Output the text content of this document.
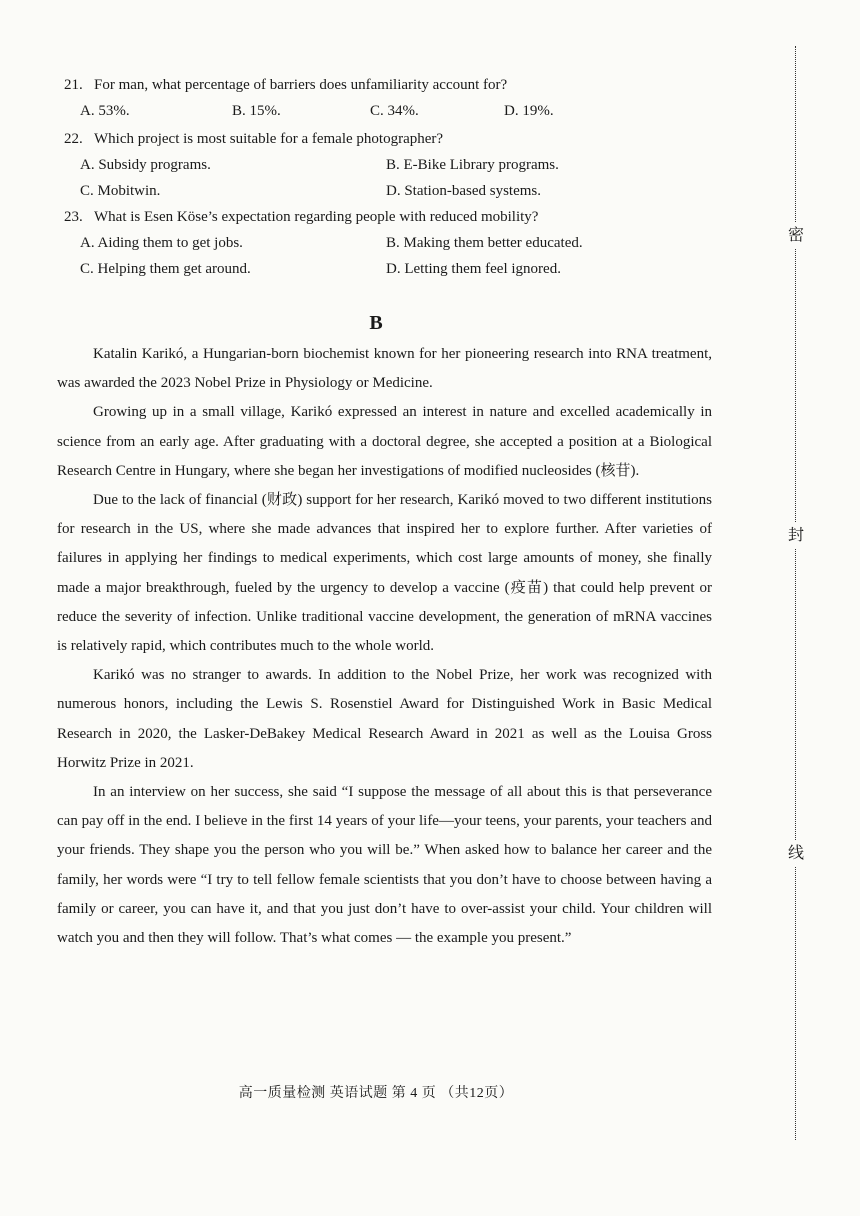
21. For man, what percentage of barriers does unfamiliarity account for?
A. 53%.	B. 15%.	C. 34%.	D. 19%.
22. Which project is most suitable for a female photographer?
A. Subsidy programs.	B. E-Bike Library programs.
C. Mobitwin.	D. Station-based systems.
23. What is Esen Köse’s expectation regarding people with reduced mobility?
A. Aiding them to get jobs.	B. Making them better educated.
C. Helping them get around.	D. Letting them feel ignored.
B

Katalin Karikó, a Hungarian-born biochemist known for her pioneering research into RNA treatment, was awarded the 2023 Nobel Prize in Physiology or Medicine.

Growing up in a small village, Karikó expressed an interest in nature and excelled academically in science from an early age. After graduating with a doctoral degree, she accepted a position at a Biological Research Centre in Hungary, where she began her investigations of modified nucleosides (核苷).

Due to the lack of financial (财政) support for her research, Karikó moved to two different institutions for research in the US, where she made advances that inspired her to explore further. After varieties of failures in applying her findings to medical experiments, which cost large amounts of money, she finally made a major breakthrough, fueled by the urgency to develop a vaccine (疫苗) that could help prevent or reduce the severity of infection. Unlike traditional vaccine development, the generation of mRNA vaccines is relatively rapid, which contributes much to the whole world.

Karikó was no stranger to awards. In addition to the Nobel Prize, her work was recognized with numerous honors, including the Lewis S. Rosenstiel Award for Distinguished Work in Basic Medical Research in 2020, the Lasker-DeBakey Medical Research Award in 2021 as well as the Louisa Gross Horwitz Prize in 2021.

In an interview on her success, she said “I suppose the message of all about this is that perseverance can pay off in the end. I believe in the first 14 years of your life—your teens, your parents, your teachers and your friends. They shape you the person who you will be.” When asked how to balance her career and the family, her words were “I try to tell fellow female scientists that you don’t have to choose between having a family or career, you can have it, and that you just don’t have to over-assist your child. Your children will watch you and then they will follow. That’s what comes — the example you present.”

高一质量检测 英语试题 第 4 页 （共12页）
密
封
线
